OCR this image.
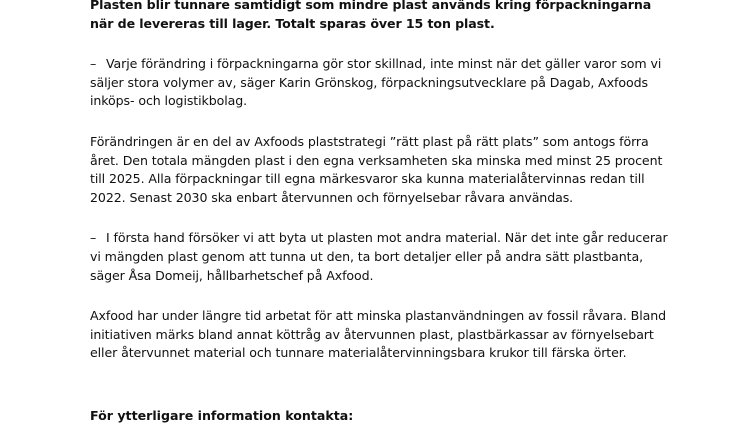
Plasten blir tunnare samtidigt som mindre plast används kring förpackningarna när de levereras till lager. Totalt sparas över 15 ton plast.

– Varje förändring i förpackningarna gör stor skillnad, inte minst när det gäller varor som vi säljer stora volymer av, säger Karin Grönskog, förpackningsutvecklare på Dagab, Axfoods inköps- och logistikbolag.

Förändringen är en del av Axfoods plaststrategi ”rätt plast på rätt plats” som antogs förra året. Den totala mängden plast i den egna verksamheten ska minska med minst 25 procent till 2025. Alla förpackningar till egna märkesvaror ska kunna materialåtervinnas redan till 2022. Senast 2030 ska enbart återvunnen och förnyelsebar råvara användas.

– I första hand försöker vi att byta ut plasten mot andra material. När det inte går reducerar vi mängden plast genom att tunna ut den, ta bort detaljer eller på andra sätt plastbanta, säger Åsa Domeij, hållbarhetschef på Axfood.

Axfood har under längre tid arbetat för att minska plastanvändningen av fossil råvara. Bland initiativen märks bland annat köttråg av återvunnen plast, plastbärkassar av förnyelsebart eller återvunnet material och tunnare materialåtervinningsbara krukor till färska örter.

För ytterligare information kontakta:
